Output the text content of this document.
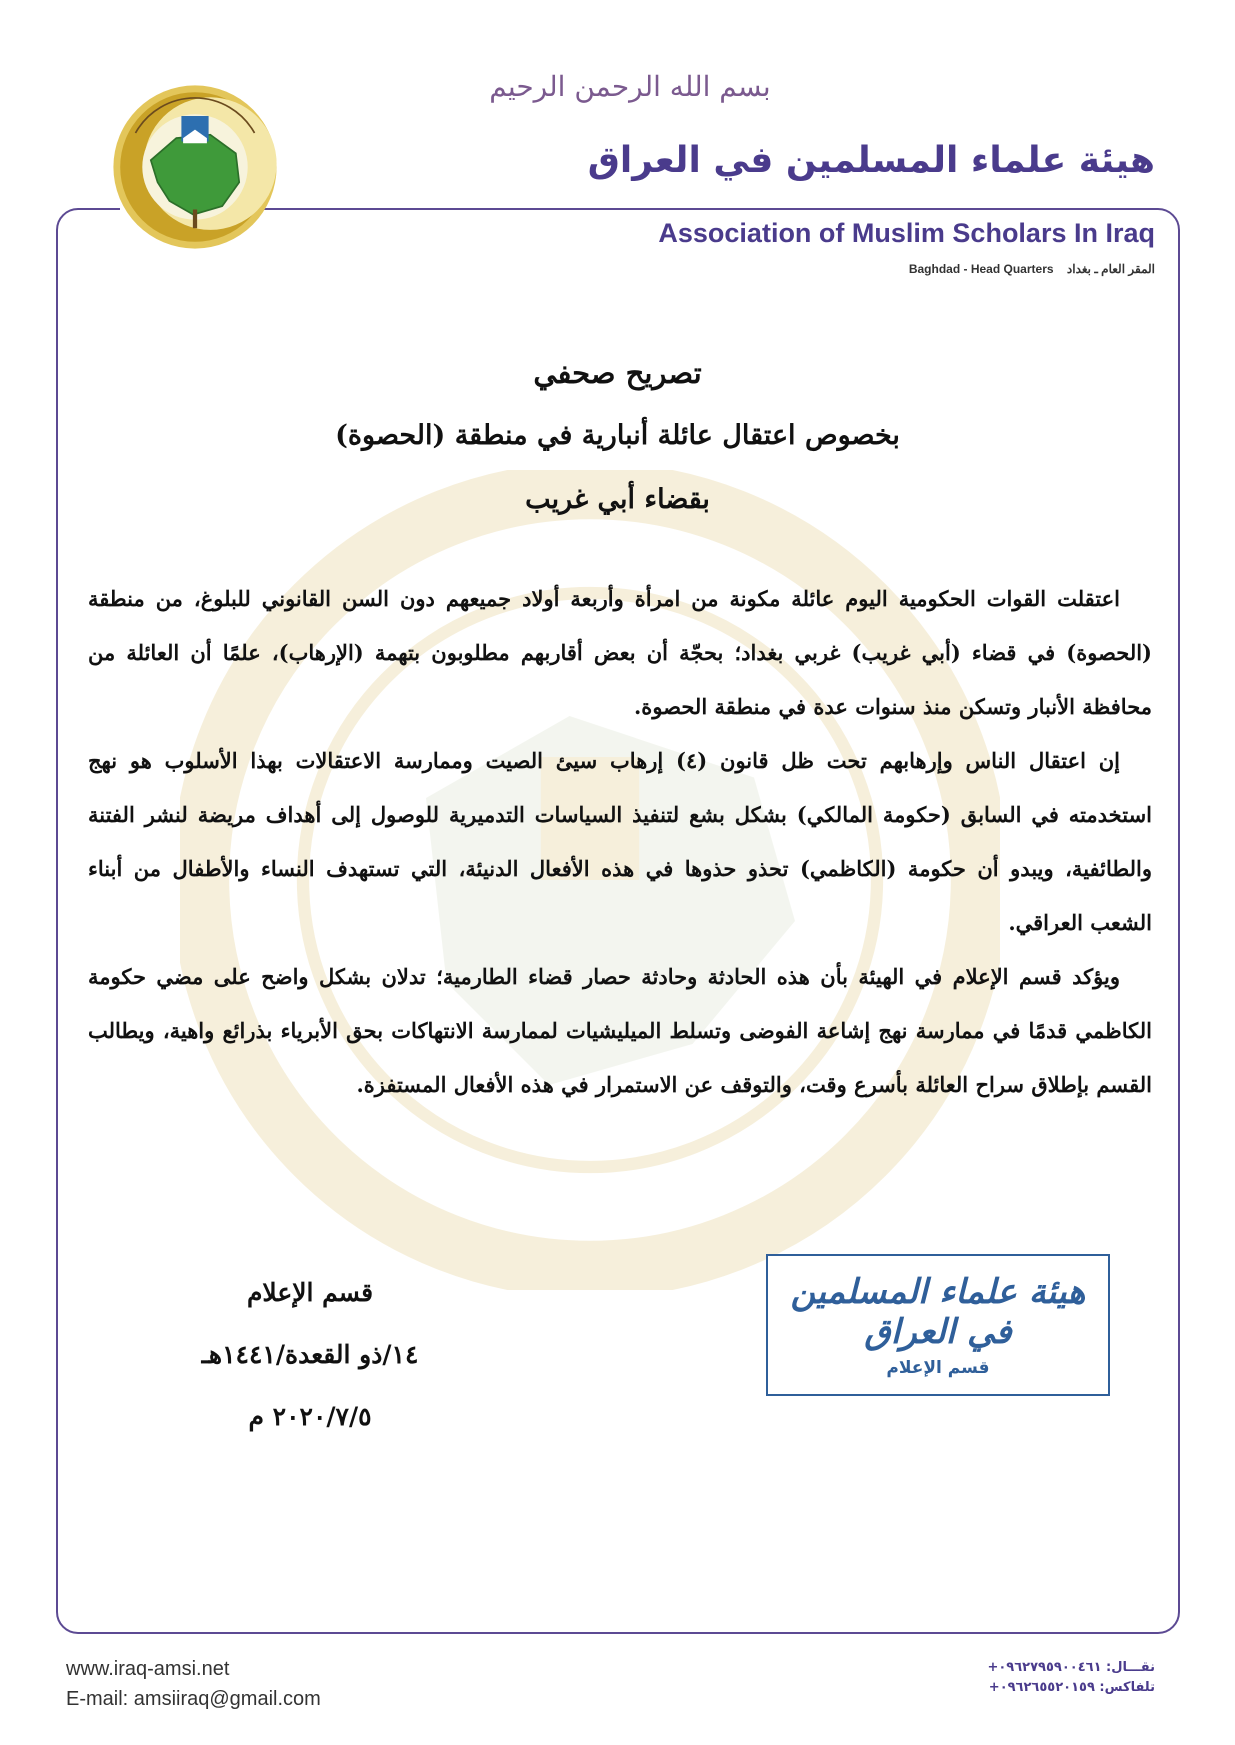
بسم الله الرحمن الرحيم
هيئة علماء المسلمين في العراق
Association of Muslim Scholars In Iraq
Baghdad - Head Quarters المقر العام ـ بغداد
تصريح صحفي
بخصوص اعتقال عائلة أنبارية في منطقة (الحصوة)
بقضاء أبي غريب

اعتقلت القوات الحكومية اليوم عائلة مكونة من امرأة وأربعة أولاد جميعهم دون السن القانوني للبلوغ، من منطقة (الحصوة) في قضاء (أبي غريب) غربي بغداد؛ بحجّة أن بعض أقاربهم مطلوبون بتهمة (الإرهاب)، علمًا أن العائلة من محافظة الأنبار وتسكن منذ سنوات عدة في منطقة الحصوة.

إن اعتقال الناس وإرهابهم تحت ظل قانون (٤) إرهاب سيئ الصيت وممارسة الاعتقالات بهذا الأسلوب هو نهج استخدمته في السابق (حكومة المالكي) بشكل بشع لتنفيذ السياسات التدميرية للوصول إلى أهداف مريضة لنشر الفتنة والطائفية، ويبدو أن حكومة (الكاظمي) تحذو حذوها في هذه الأفعال الدنيئة، التي تستهدف النساء والأطفال من أبناء الشعب العراقي.

ويؤكد قسم الإعلام في الهيئة بأن هذه الحادثة وحادثة حصار قضاء الطارمية؛ تدلان بشكل واضح على مضي حكومة الكاظمي قدمًا في ممارسة نهج إشاعة الفوضى وتسلط الميليشيات لممارسة الانتهاكات بحق الأبرياء بذرائع واهية، ويطالب القسم بإطلاق سراح العائلة بأسرع وقت، والتوقف عن الاستمرار في هذه الأفعال المستفزة.

قسم الإعلام
١٤/ذو القعدة/١٤٤١هـ
٢٠٢٠/٧/٥ م
هيئة علماء المسلمين في العراق
قسم الإعلام
www.iraq-amsi.net
E-mail: amsiiraq@gmail.com
نقـــال: ٠٩٦٢٧٩٥٩٠٠٤٦١+
تلفاكس: ٠٩٦٢٦٥٥٢٠١٥٩+
